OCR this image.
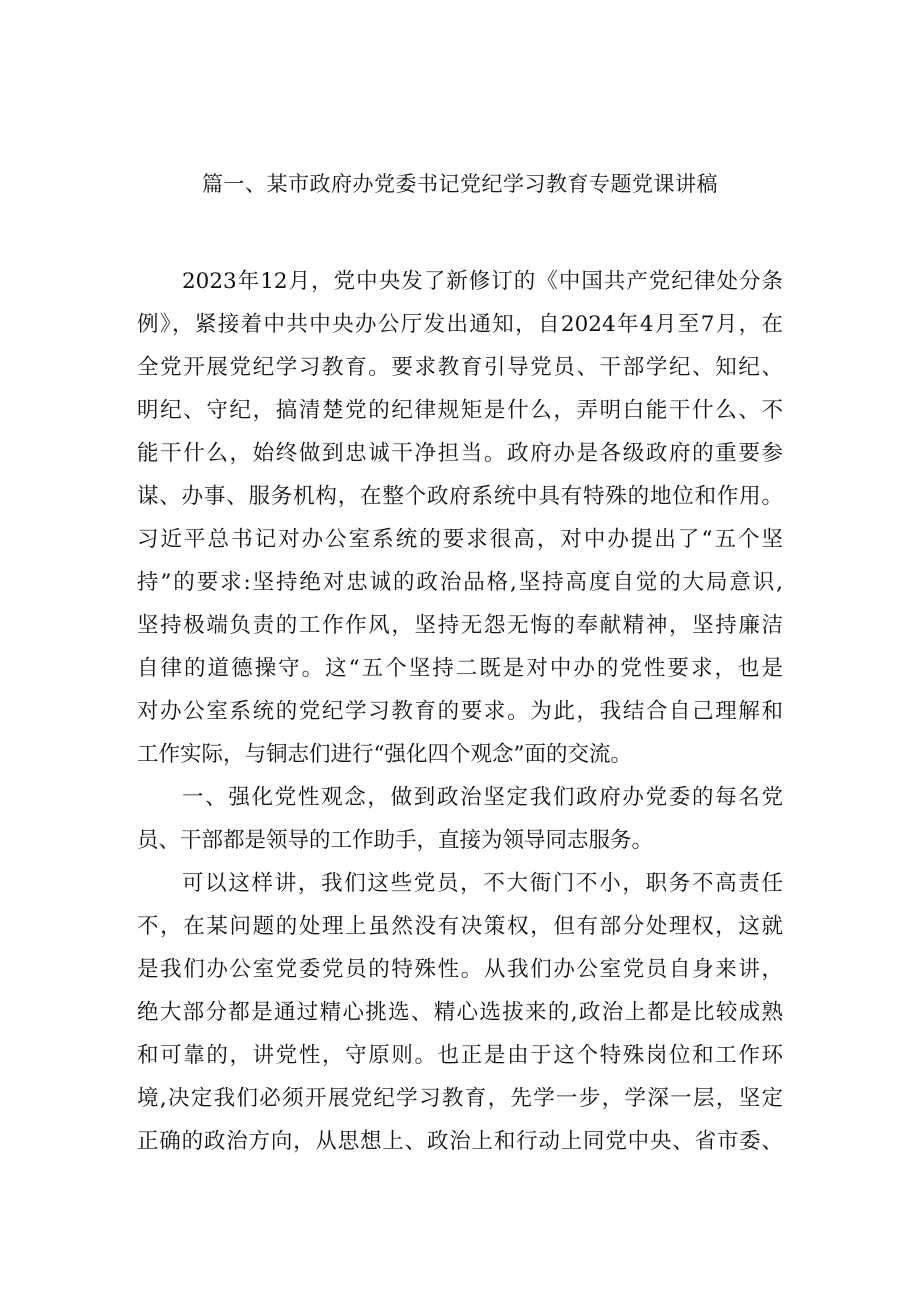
篇一、某市政府办党委书记党纪学习教育专题党课讲稿
2023年12月，党中央发了新修订的《中国共产党纪律处分条
例》，紧接着中共中央办公厅发出通知，自2024年4月至7月，在
全党开展党纪学习教育。要求教育引导党员、干部学纪、知纪、
明纪、守纪，搞清楚党的纪律规矩是什么，弄明白能干什么、不
能干什么，始终做到忠诚干净担当。政府办是各级政府的重要参
谋、办事、服务机构，在整个政府系统中具有特殊的地位和作用。
习近平总书记对办公室系统的要求很高，对中办提出了“五个坚
持”的要求:坚持绝对忠诚的政治品格,坚持高度自觉的大局意识,
坚持极端负责的工作作风，坚持无怨无悔的奉献精神，坚持廉洁
自律的道德操守。这“五个坚持二既是对中办的党性要求，也是
对办公室系统的党纪学习教育的要求。为此，我结合自己理解和
工作实际，与铜志们进行“强化四个观念”面的交流。
一、强化党性观念，做到政治坚定我们政府办党委的每名党
员、干部都是领导的工作助手，直接为领导同志服务。
可以这样讲，我们这些党员，不大衙门不小，职务不高责任
不，在某问题的处理上虽然没有决策权，但有部分处理权，这就
是我们办公室党委党员的特殊性。从我们办公室党员自身来讲，
绝大部分都是通过精心挑选、精心选拔来的,政治上都是比较成熟
和可靠的，讲党性，守原则。也正是由于这个特殊岗位和工作环
境,决定我们必须开展党纪学习教育，先学一步，学深一层，坚定
正确的政治方向，从思想上、政治上和行动上同党中央、省市委、
